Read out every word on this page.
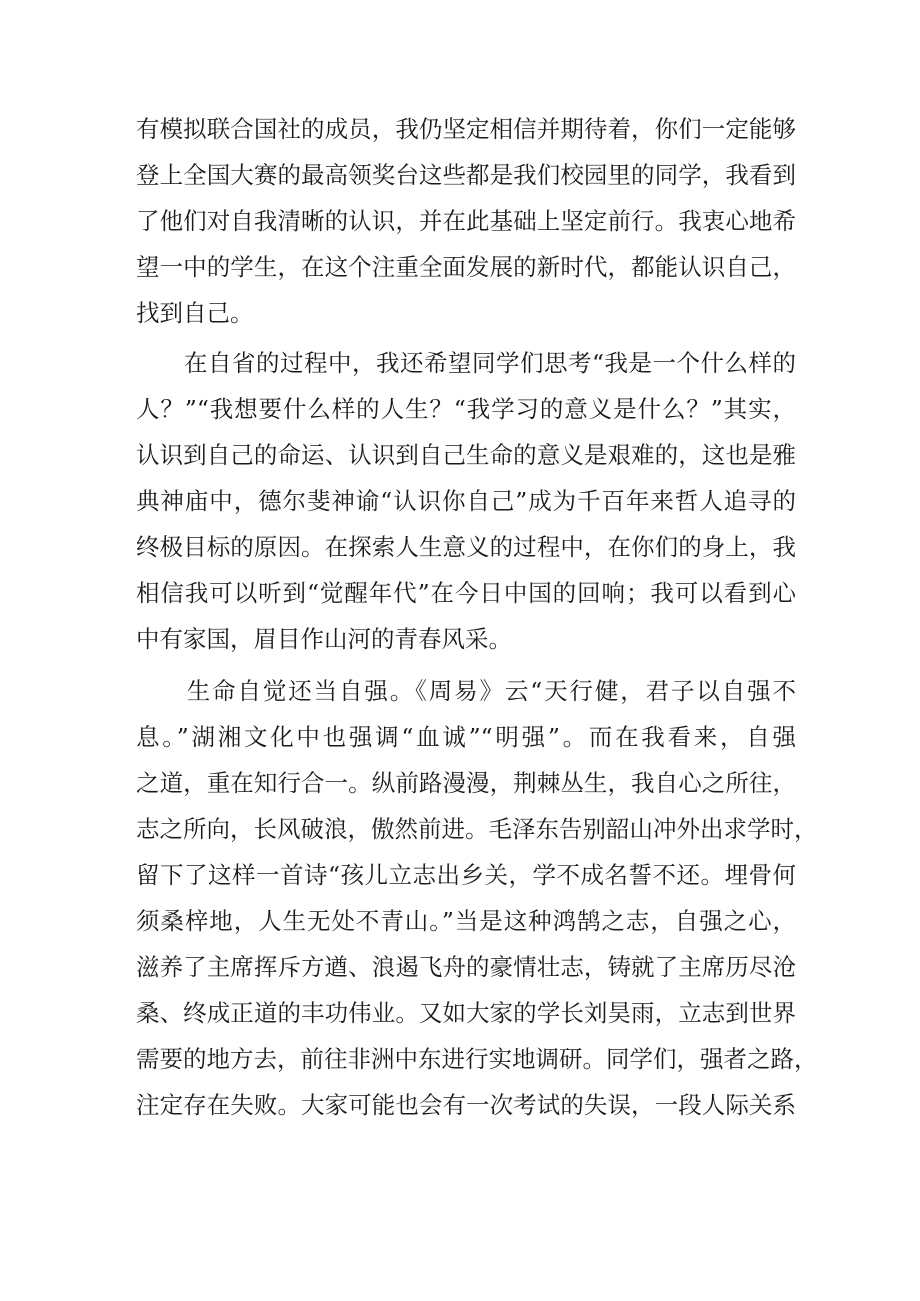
有模拟联合国社的成员，我仍坚定相信并期待着，你们一定能够

登上全国大赛的最高领奖台这些都是我们校园里的同学，我看到

了他们对自我清晰的认识，并在此基础上坚定前行。我衷心地希

望一中的学生，在这个注重全面发展的新时代，都能认识自己，

找到自己。

　　在自省的过程中，我还希望同学们思考“我是一个什么样的

人？”“我想要什么样的人生？“我学习的意义是什么？”其实，

认识到自己的命运、认识到自己生命的意义是艰难的，这也是雅

典神庙中，德尔斐神谕“认识你自己”成为千百年来哲人追寻的

终极目标的原因。在探索人生意义的过程中，在你们的身上，我

相信我可以听到“觉醒年代”在今日中国的回响；我可以看到心

中有家国，眉目作山河的青春风采。

　　生命自觉还当自强。《周易》云“天行健，君子以自强不

息。”湖湘文化中也强调“血诚”“明强”。而在我看来，自强

之道，重在知行合一。纵前路漫漫，荆棘丛生，我自心之所往，

志之所向，长风破浪，傲然前进。毛泽东告别韶山冲外出求学时，

留下了这样一首诗“孩儿立志出乡关，学不成名誓不还。埋骨何

须桑梓地，人生无处不青山。”当是这种鸿鹄之志，自强之心，

滋养了主席挥斥方遒、浪遏飞舟的豪情壮志，铸就了主席历尽沧

桑、终成正道的丰功伟业。又如大家的学长刘昊雨，立志到世界

需要的地方去，前往非洲中东进行实地调研。同学们，强者之路，

注定存在失败。大家可能也会有一次考试的失误，一段人际关系
